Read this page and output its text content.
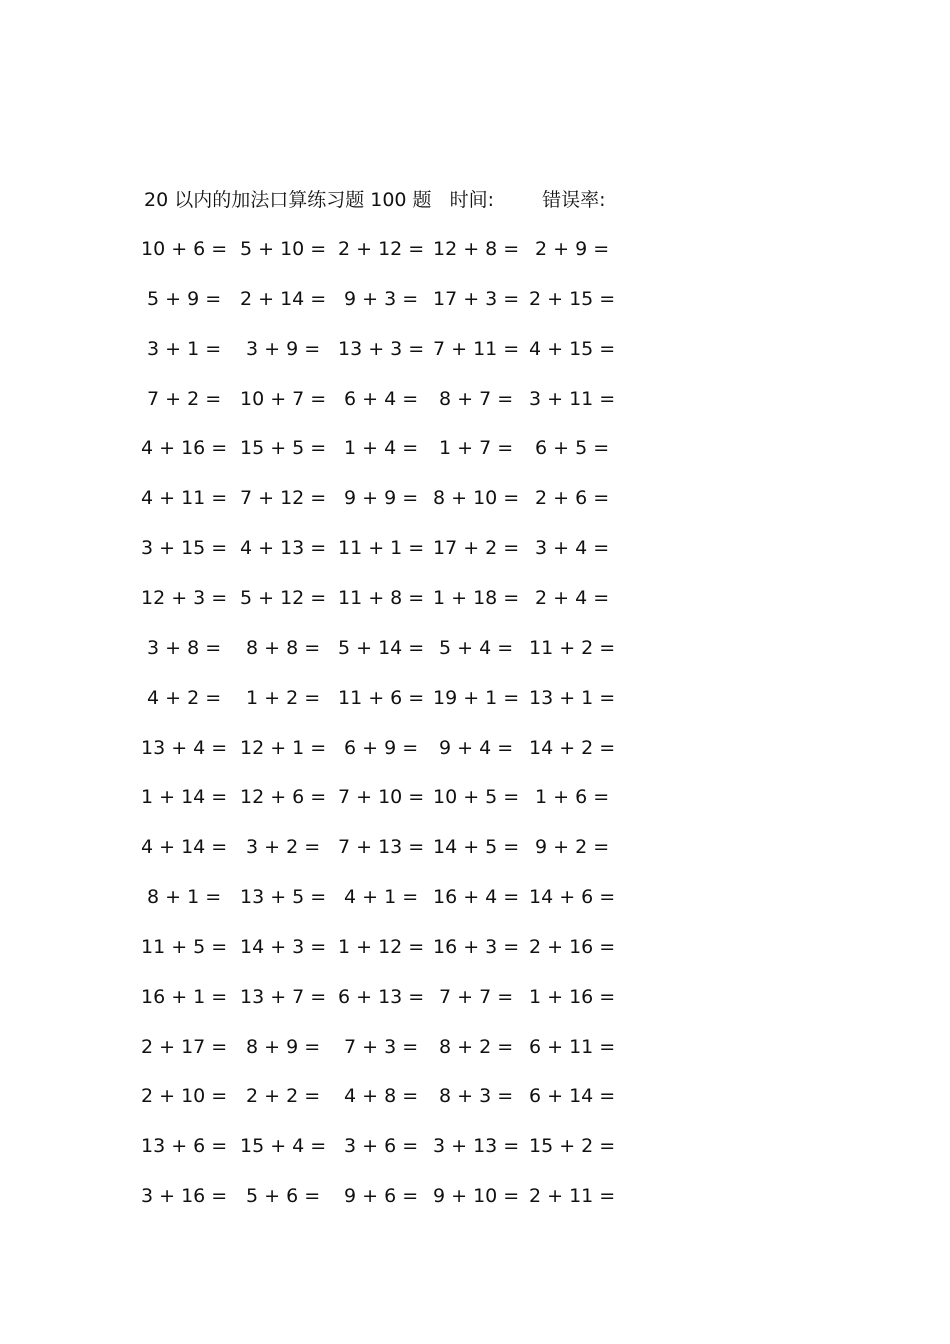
20 以内的加法口算练习题 100 题 时间:	错误率:
10 + 6 = 5 + 10 = 2 + 12 = 12 + 8 = 2 + 9 =
5 + 9 = 2 + 14 = 9 + 3 = 17 + 3 = 2 + 15 =
3 + 1 = 3 + 9 = 13 + 3 = 7 + 11 = 4 + 15 =
7 + 2 = 10 + 7 = 6 + 4 = 8 + 7 = 3 + 11 =
4 + 16 = 15 + 5 = 1 + 4 = 1 + 7 = 6 + 5 =
4 + 11 = 7 + 12 = 9 + 9 = 8 + 10 = 2 + 6 =
3 + 15 = 4 + 13 = 11 + 1 = 17 + 2 = 3 + 4 =
12 + 3 = 5 + 12 = 11 + 8 = 1 + 18 = 2 + 4 =
3 + 8 = 8 + 8 = 5 + 14 = 5 + 4 = 11 + 2 =
4 + 2 = 1 + 2 = 11 + 6 = 19 + 1 = 13 + 1 =
13 + 4 = 12 + 1 = 6 + 9 = 9 + 4 = 14 + 2 =
1 + 14 = 12 + 6 = 7 + 10 = 10 + 5 = 1 + 6 =
4 + 14 = 3 + 2 = 7 + 13 = 14 + 5 = 9 + 2 =
8 + 1 = 13 + 5 = 4 + 1 = 16 + 4 = 14 + 6 =
11 + 5 = 14 + 3 = 1 + 12 = 16 + 3 = 2 + 16 =
16 + 1 = 13 + 7 = 6 + 13 = 7 + 7 = 1 + 16 =
2 + 17 = 8 + 9 = 7 + 3 = 8 + 2 = 6 + 11 =
2 + 10 = 2 + 2 = 4 + 8 = 8 + 3 = 6 + 14 =
13 + 6 = 15 + 4 = 3 + 6 = 3 + 13 = 15 + 2 =
3 + 16 = 5 + 6 = 9 + 6 = 9 + 10 = 2 + 11 =
